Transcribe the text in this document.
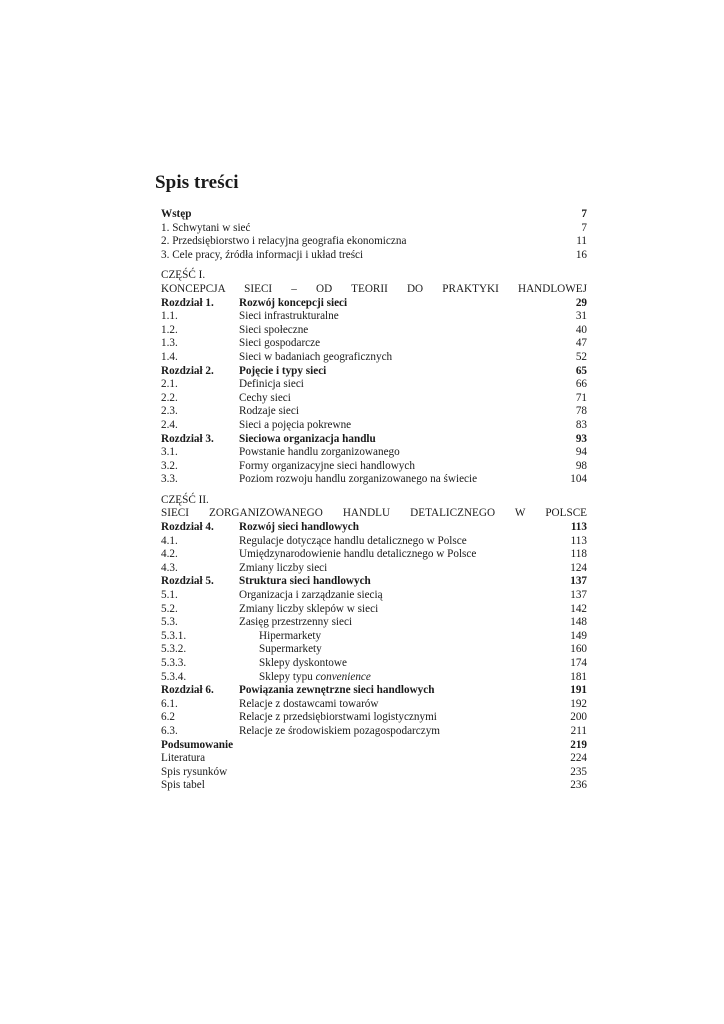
Spis treści
Wstęp	7
1. Schwytani w sieć	7
2. Przedsiębiorstwo i relacyjna geografia ekonomiczna	11
3. Cele pracy, źródła informacji i układ treści	16
CZĘŚĆ I.
KONCEPCJA SIECI – OD TEORII DO PRAKTYKI HANDLOWEJ
Rozdział 1.	Rozwój koncepcji sieci	29
1.1.	Sieci infrastrukturalne	31
1.2.	Sieci społeczne	40
1.3.	Sieci gospodarcze	47
1.4.	Sieci w badaniach geograficznych	52
Rozdział 2.	Pojęcie i typy sieci	65
2.1.	Definicja sieci	66
2.2.	Cechy sieci	71
2.3.	Rodzaje sieci	78
2.4.	Sieci a pojęcia pokrewne	83
Rozdział 3.	Sieciowa organizacja handlu	93
3.1.	Powstanie handlu zorganizowanego	94
3.2.	Formy organizacyjne sieci handlowych	98
3.3.	Poziom rozwoju handlu zorganizowanego na świecie	104
CZĘŚĆ II.
SIECI ZORGANIZOWANEGO HANDLU DETALICZNEGO W POLSCE
Rozdział 4.	Rozwój sieci handlowych	113
4.1.	Regulacje dotyczące handlu detalicznego w Polsce	113
4.2.	Umiędzynarodowienie handlu detalicznego w Polsce	118
4.3.	Zmiany liczby sieci	124
Rozdział 5.	Struktura sieci handlowych	137
5.1.	Organizacja i zarządzanie siecią	137
5.2.	Zmiany liczby sklepów w sieci	142
5.3.	Zasięg przestrzenny sieci	148
5.3.1.	Hipermarkety	149
5.3.2.	Supermarkety	160
5.3.3.	Sklepy dyskontowe	174
5.3.4.	Sklepy typu convenience	181
Rozdział 6.	Powiązania zewnętrzne sieci handlowych	191
6.1.	Relacje z dostawcami towarów	192
6.2	Relacje z przedsiębiorstwami logistycznymi	200
6.3.	Relacje ze środowiskiem pozagospodarczym	211
Podsumowanie	219
Literatura	224
Spis rysunków	235
Spis tabel	236
